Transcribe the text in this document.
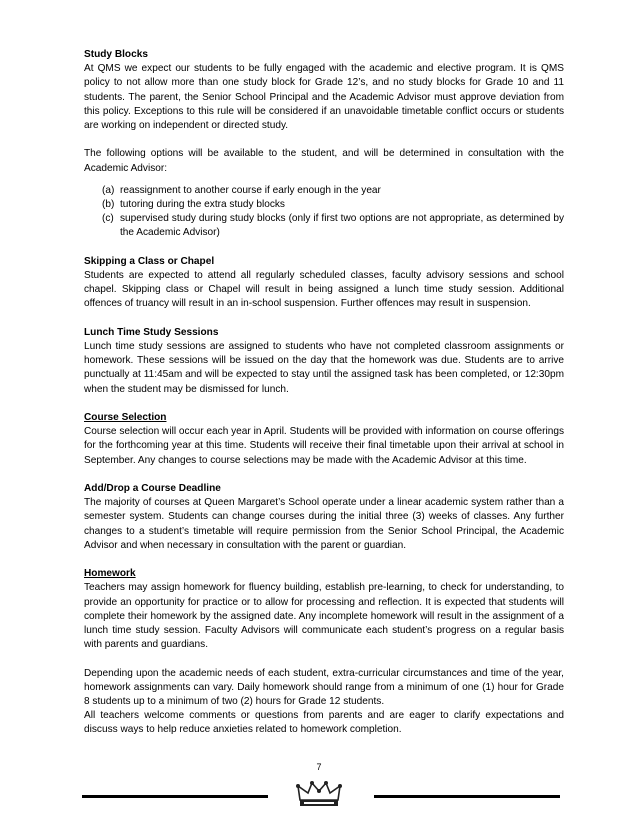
Study Blocks

At QMS we expect our students to be fully engaged with the academic and elective program. It is QMS policy to not allow more than one study block for Grade 12’s, and no study blocks for Grade 10 and 11 students. The parent, the Senior School Principal and the Academic Advisor must approve deviation from this policy. Exceptions to this rule will be considered if an unavoidable timetable conflict occurs or students are working on independent or directed study.

The following options will be available to the student, and will be determined in consultation with the Academic Advisor:

(a) reassignment to another course if early enough in the year
(b) tutoring during the extra study blocks
(c) supervised study during study blocks (only if first two options are not appropriate, as determined by the Academic Advisor)

Skipping a Class or Chapel

Students are expected to attend all regularly scheduled classes, faculty advisory sessions and school chapel. Skipping class or Chapel will result in being assigned a lunch time study session. Additional offences of truancy will result in an in-school suspension. Further offences may result in suspension.

Lunch Time Study Sessions

Lunch time study sessions are assigned to students who have not completed classroom assignments or homework. These sessions will be issued on the day that the homework was due. Students are to arrive punctually at 11:45am and will be expected to stay until the assigned task has been completed, or 12:30pm when the student may be dismissed for lunch.

Course Selection

Course selection will occur each year in April. Students will be provided with information on course offerings for the forthcoming year at this time. Students will receive their final timetable upon their arrival at school in September. Any changes to course selections may be made with the Academic Advisor at this time.

Add/Drop a Course Deadline

The majority of courses at Queen Margaret’s School operate under a linear academic system rather than a semester system. Students can change courses during the initial three (3) weeks of classes. Any further changes to a student’s timetable will require permission from the Senior School Principal, the Academic Advisor and when necessary in consultation with the parent or guardian.

Homework

Teachers may assign homework for fluency building, establish pre-learning, to check for understanding, to provide an opportunity for practice or to allow for processing and reflection. It is expected that students will complete their homework by the assigned date. Any incomplete homework will result in the assignment of a lunch time study session. Faculty Advisors will communicate each student’s progress on a regular basis with parents and guardians.

Depending upon the academic needs of each student, extra-curricular circumstances and time of the year, homework assignments can vary. Daily homework should range from a minimum of one (1) hour for Grade 8 students up to a minimum of two (2) hours for Grade 12 students.

All teachers welcome comments or questions from parents and are eager to clarify expectations and discuss ways to help reduce anxieties related to homework completion.

7
